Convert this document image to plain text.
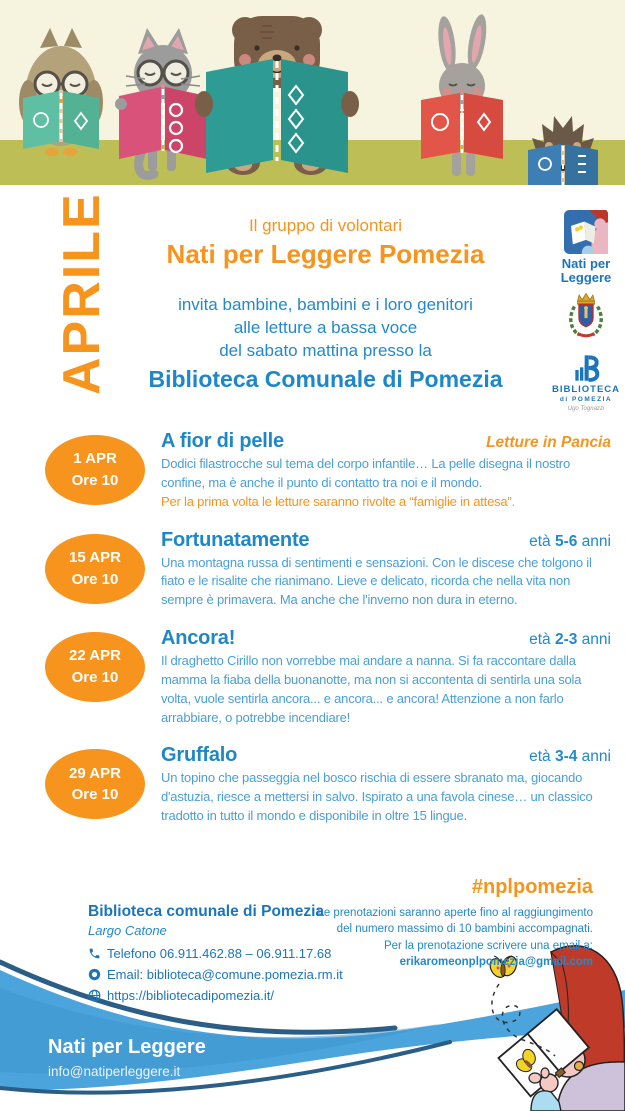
APRILE	Il gruppo di volontari
Nati per Leggere Pomezia
invita bambine, bambini e i loro genitori
alle letture a bassa voce
del sabato mattina presso la
Biblioteca Comunale di Pomezia
Nati per
Leggere
BIBLIOTECA
di POMEZIA
Ugo Tognazzi
1 APR
Ore 10
A fior di pelle	Letture in Pancia
Dodici filastrocche sul tema del corpo infantile… La pelle disegna il nostro confine, ma è anche il punto di contatto tra noi e il mondo.
Per la prima volta le letture saranno rivolte a “famiglie in attesa”.
15 APR
Ore 10
Fortunatamente	età 5-6 anni
Una montagna russa di sentimenti e sensazioni. Con le discese che tolgono il fiato e le risalite che rianimano. Lieve e delicato, ricorda che nella vita non sempre è primavera. Ma anche che l'inverno non dura in eterno.
22 APR
Ore 10
Ancora!	età 2-3 anni
Il draghetto Cirillo non vorrebbe mai andare a nanna. Si fa raccontare dalla mamma la fiaba della buonanotte, ma non si accontenta di sentirla una sola volta, vuole sentirla ancora... e ancora... e ancora! Attenzione a non farlo arrabbiare, o potrebbe incendiare!
29 APR
Ore 10
Gruffalo	età 3-4 anni
Un topino che passeggia nel bosco rischia di essere sbranato ma, giocando d'astuzia, riesce a mettersi in salvo. Ispirato a una favola cinese… un classico tradotto in tutto il mondo e disponibile in oltre 15 lingue.
Biblioteca comunale di Pomezia
Largo Catone
Telefono 06.911.462.88 – 06.911.17.68
Email: biblioteca@comune.pomezia.rm.it
https://bibliotecadipomezia.it/
#nplpomezia
Le prenotazioni saranno aperte fino al raggiungimento
del numero massimo di 10 bambini accompagnati.
Per la prenotazione scrivere una email a:
erikaromeonplpomezia@gmail.com
Nati per Leggere
info@natiperleggere.it
